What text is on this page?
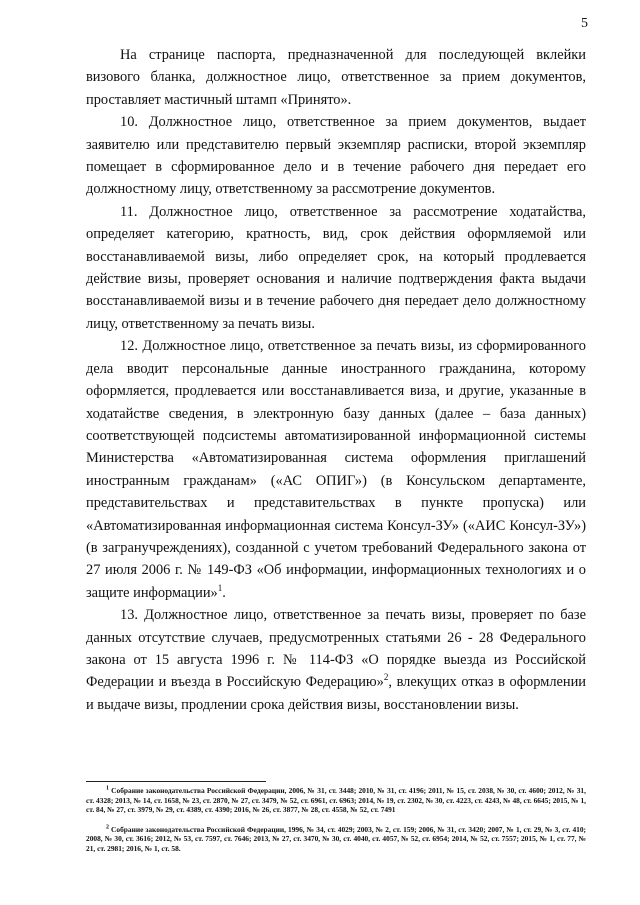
5

На странице паспорта, предназначенной для последующей вклейки визового бланка, должностное лицо, ответственное за прием документов, проставляет мастичный штамп «Принято».

10. Должностное лицо, ответственное за прием документов, выдает заявителю или представителю первый экземпляр расписки, второй экземпляр помещает в сформированное дело и в течение рабочего дня передает его должностному лицу, ответственному за рассмотрение документов.

11. Должностное лицо, ответственное за рассмотрение ходатайства, определяет категорию, кратность, вид, срок действия оформляемой или восстанавливаемой визы, либо определяет срок, на который продлевается действие визы, проверяет основания и наличие подтверждения факта выдачи восстанавливаемой визы и в течение рабочего дня передает дело должностному лицу, ответственному за печать визы.

12. Должностное лицо, ответственное за печать визы, из сформированного дела вводит персональные данные иностранного гражданина, которому оформляется, продлевается или восстанавливается виза, и другие, указанные в ходатайстве сведения, в электронную базу данных (далее – база данных) соответствующей подсистемы автоматизированной информационной системы Министерства «Автоматизированная система оформления приглашений иностранным гражданам» («АС ОПИГ») (в Консульском департаменте, представительствах и представительствах в пункте пропуска) или «Автоматизированная информационная система Консул-ЗУ» («АИС Консул-ЗУ») (в загранучреждениях), созданной с учетом требований Федерального закона от 27 июля 2006 г. № 149-ФЗ «Об информации, информационных технологиях и о защите информации»$^1$.

13. Должностное лицо, ответственное за печать визы, проверяет по базе данных отсутствие случаев, предусмотренных статьями 26 - 28 Федерального закона от 15 августа 1996 г. № 114-ФЗ «О порядке выезда из Российской Федерации и въезда в Российскую Федерацию»$^2$, влекущих отказ в оформлении и выдаче визы, продлении срока действия визы, восстановлении визы.

$^1$ Собрание законодательства Российской Федерации, 2006, № 31, ст. 3448; 2010, № 31, ст. 4196; 2011, № 15, ст. 2038, № 30, ст. 4600; 2012, № 31, ст. 4328; 2013, № 14, ст. 1658, № 23, ст. 2870, № 27, ст. 3479, № 52, ст. 6961, ст. 6963; 2014, № 19, ст. 2302, № 30, ст. 4223, ст. 4243, № 48, ст. 6645; 2015, № 1, ст. 84, № 27, ст. 3979, № 29, ст. 4389, ст. 4390; 2016, № 26, ст. 3877, № 28, ст. 4558, № 52, ст. 7491

$^2$ Собрание законодательства Российской Федерации, 1996, № 34, ст. 4029; 2003, № 2, ст. 159; 2006, № 31, ст. 3420; 2007, № 1, ст. 29, № 3, ст. 410; 2008, № 30, ст. 3616; 2012, № 53, ст. 7597, ст. 7646; 2013, № 27, ст. 3470, № 30, ст. 4040, ст. 4057, № 52, ст. 6954; 2014, № 52, ст. 7557; 2015, № 1, ст. 77, № 21, ст. 2981; 2016, № 1, ст. 58.
